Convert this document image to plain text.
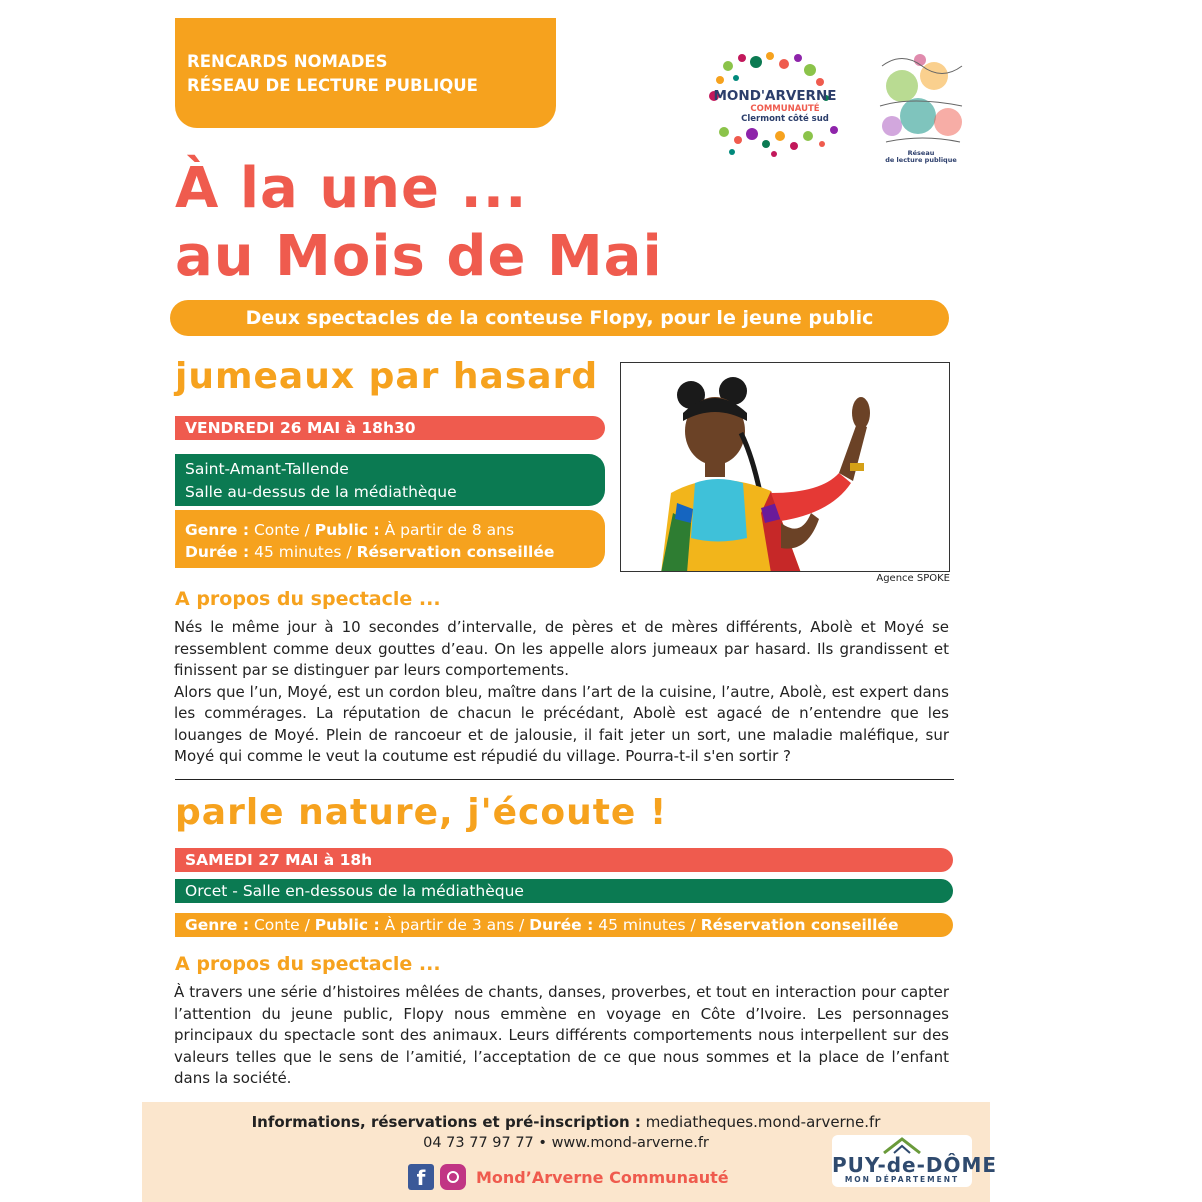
RENCARDS NOMADES
RÉSEAU DE LECTURE PUBLIQUE
MOND'ARVERNE
COMMUNAUTÉ
Clermont côté sud
Réseau
de lecture publique
À la une ...
au Mois de Mai
Deux spectacles de la conteuse Flopy, pour le jeune public
jumeaux par hasard
VENDREDI 26 MAI à 18h30
Saint-Amant-Tallende
Salle au-dessus de la médiathèque
Genre : Conte / Public : À partir de 8 ans
Durée : 45 minutes / Réservation conseillée
Agence SPOKE
A propos du spectacle ...
Nés le même jour à 10 secondes d’intervalle, de pères et de mères différents, Abolè et Moyé se ressemblent comme deux gouttes d’eau. On les appelle alors jumeaux par hasard. Ils grandissent et finissent par se distinguer par leurs comportements.
Alors que l’un, Moyé, est un cordon bleu, maître dans l’art de la cuisine, l’autre, Abolè, est expert dans les commérages. La réputation de chacun le précédant, Abolè est agacé de n’entendre que les louanges de Moyé. Plein de rancoeur et de jalousie, il fait jeter un sort, une maladie maléfique, sur Moyé qui comme le veut la coutume est répudié du village. Pourra-t-il s'en sortir ?
parle nature, j'écoute !
SAMEDI 27 MAI à 18h
Orcet - Salle en-dessous de la médiathèque
Genre : Conte / Public : À partir de 3 ans / Durée : 45 minutes / Réservation conseillée
A propos du spectacle ...
À travers une série d’histoires mêlées de chants, danses, proverbes, et tout en interaction pour capter l’attention du jeune public, Flopy nous emmène en voyage en Côte d’Ivoire. Les personnages principaux du spectacle sont des animaux. Leurs différents comportements nous interpellent sur des valeurs telles que le sens de l’amitié, l’acceptation de ce que nous sommes et la place de l’enfant dans la société.
Informations, réservations et pré-inscription : mediatheques.mond-arverne.fr
04 73 77 97 77 • www.mond-arverne.fr
f	Mond’Arverne Communauté	PUY-de-DÔME
MON DÉPARTEMENT
